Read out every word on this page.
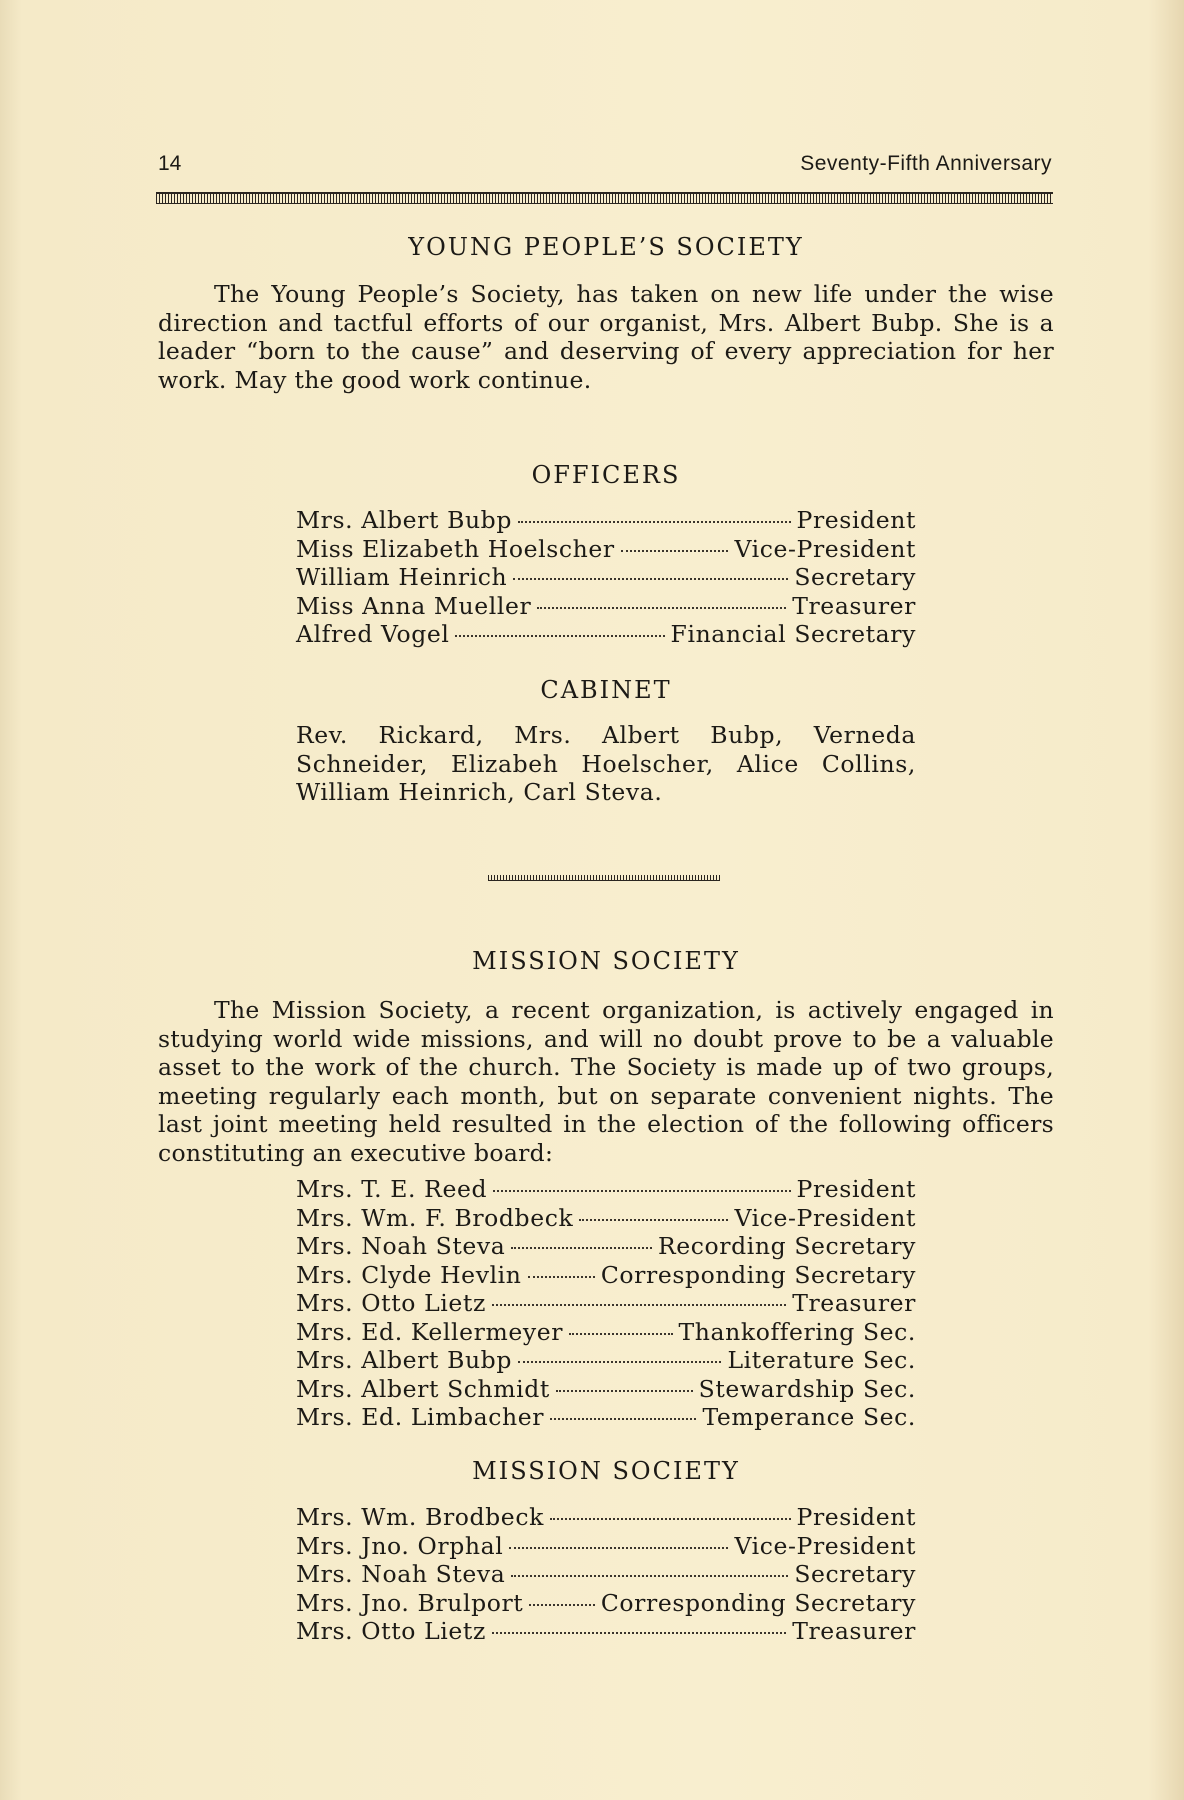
14	Seventy-Fifth Anniversary
YOUNG PEOPLE’S SOCIETY

The Young People’s Society, has taken on new life under the wise direction and tactful efforts of our organist, Mrs. Albert Bubp. She is a leader “born to the cause” and deserving of every appreciation for her work. May the good work continue.

OFFICERS
Mrs. Albert Bubp	President
Miss Elizabeth Hoelscher	Vice-President
William Heinrich	Secretary
Miss Anna Mueller	Treasurer
Alfred Vogel	Financial Secretary
CABINET

Rev. Rickard, Mrs. Albert Bubp, Verneda Schneider, Elizabeh Hoelscher, Alice Collins, William Heinrich, Carl Steva.

MISSION SOCIETY

The Mission Society, a recent organization, is actively engaged in studying world wide missions, and will no doubt prove to be a valuable asset to the work of the church. The Society is made up of two groups, meeting regularly each month, but on separate convenient nights. The last joint meeting held resulted in the election of the following officers constituting an executive board:

Mrs. T. E. Reed	President
Mrs. Wm. F. Brodbeck	Vice-President
Mrs. Noah Steva	Recording Secretary
Mrs. Clyde Hevlin	Corresponding Secretary
Mrs. Otto Lietz	Treasurer
Mrs. Ed. Kellermeyer	Thankoffering Sec.
Mrs. Albert Bubp	Literature Sec.
Mrs. Albert Schmidt	Stewardship Sec.
Mrs. Ed. Limbacher	Temperance Sec.
MISSION SOCIETY
Mrs. Wm. Brodbeck	President
Mrs. Jno. Orphal	Vice-President
Mrs. Noah Steva	Secretary
Mrs. Jno. Brulport	Corresponding Secretary
Mrs. Otto Lietz	Treasurer
